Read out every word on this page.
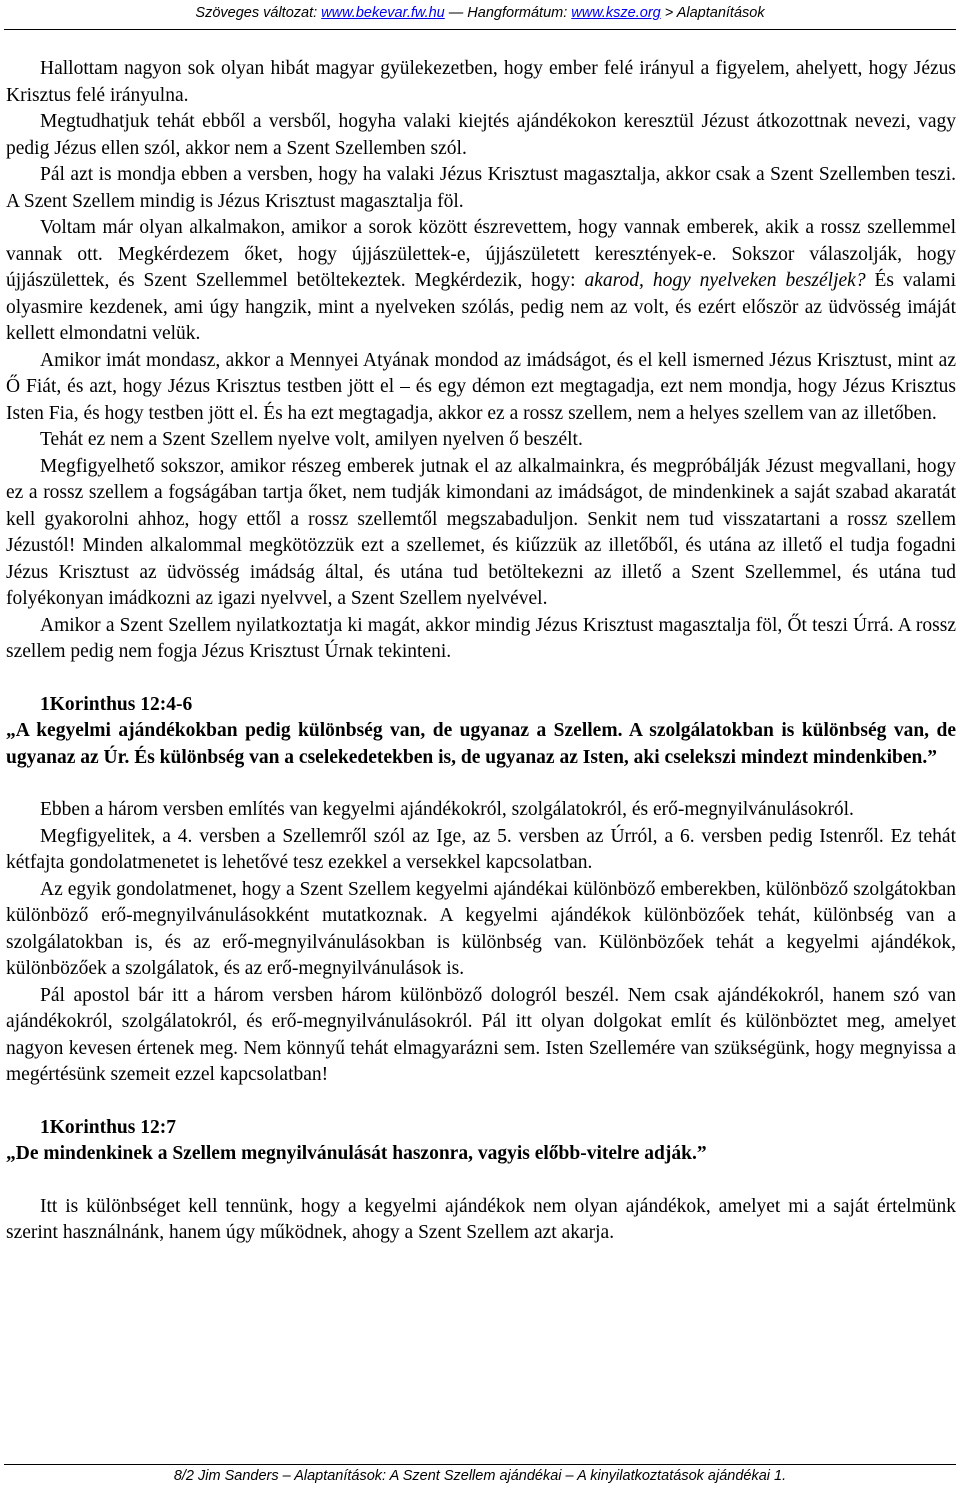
Szöveges változat: www.bekevar.fw.hu — Hangformátum: www.ksze.org > Alaptanítások

Hallottam nagyon sok olyan hibát magyar gyülekezetben, hogy ember felé irányul a figyelem, ahelyett, hogy Jézus Krisztus felé irányulna.

Megtudhatjuk tehát ebből a versből, hogyha valaki kiejtés ajándékokon keresztül Jézust átkozottnak nevezi, vagy pedig Jézus ellen szól, akkor nem a Szent Szellemben szól.

Pál azt is mondja ebben a versben, hogy ha valaki Jézus Krisztust magasztalja, akkor csak a Szent Szellemben teszi. A Szent Szellem mindig is Jézus Krisztust magasztalja föl.

Voltam már olyan alkalmakon, amikor a sorok között észrevettem, hogy vannak emberek, akik a rossz szellemmel vannak ott. Megkérdezem őket, hogy újjászülettek-e, újjászületett keresztények-e. Sokszor válaszolják, hogy újjászülettek, és Szent Szellemmel betöltekeztek. Megkérdezik, hogy: akarod, hogy nyelveken beszéljek? És valami olyasmire kezdenek, ami úgy hangzik, mint a nyelveken szólás, pedig nem az volt, és ezért először az üdvösség imáját kellett elmondatni velük.

Amikor imát mondasz, akkor a Mennyei Atyának mondod az imádságot, és el kell ismerned Jézus Krisztust, mint az Ő Fiát, és azt, hogy Jézus Krisztus testben jött el – és egy démon ezt megtagadja, ezt nem mondja, hogy Jézus Krisztus Isten Fia, és hogy testben jött el. És ha ezt megtagadja, akkor ez a rossz szellem, nem a helyes szellem van az illetőben.

Tehát ez nem a Szent Szellem nyelve volt, amilyen nyelven ő beszélt.

Megfigyelhető sokszor, amikor részeg emberek jutnak el az alkalmainkra, és megpróbálják Jézust megvallani, hogy ez a rossz szellem a fogságában tartja őket, nem tudják kimondani az imádságot, de mindenkinek a saját szabad akaratát kell gyakorolni ahhoz, hogy ettől a rossz szellemtől megszabaduljon. Senkit nem tud visszatartani a rossz szellem Jézustól! Minden alkalommal megkötözzük ezt a szellemet, és kiűzzük az illetőből, és utána az illető el tudja fogadni Jézus Krisztust az üdvösség imádság által, és utána tud betöltekezni az illető a Szent Szellemmel, és utána tud folyékonyan imádkozni az igazi nyelvvel, a Szent Szellem nyelvével.

Amikor a Szent Szellem nyilatkoztatja ki magát, akkor mindig Jézus Krisztust magasztalja föl, Őt teszi Úrrá. A rossz szellem pedig nem fogja Jézus Krisztust Úrnak tekinteni.

1Korinthus 12:4-6

„A kegyelmi ajándékokban pedig különbség van, de ugyanaz a Szellem. A szolgálatokban is különbség van, de ugyanaz az Úr. És különbség van a cselekedetekben is, de ugyanaz az Isten, aki cselekszi mindezt mindenkiben.”

Ebben a három versben említés van kegyelmi ajándékokról, szolgálatokról, és erő-megnyilvánulásokról.

Megfigyelitek, a 4. versben a Szellemről szól az Ige, az 5. versben az Úrról, a 6. versben pedig Istenről. Ez tehát kétfajta gondolatmenetet is lehetővé tesz ezekkel a versekkel kapcsolatban.

Az egyik gondolatmenet, hogy a Szent Szellem kegyelmi ajándékai különböző emberekben, különböző szolgátokban különböző erő-megnyilvánulásokként mutatkoznak. A kegyelmi ajándékok különbözőek tehát, különbség van a szolgálatokban is, és az erő-megnyilvánulásokban is különbség van. Különbözőek tehát a kegyelmi ajándékok, különbözőek a szolgálatok, és az erő-megnyilvánulások is.

Pál apostol bár itt a három versben három különböző dologról beszél. Nem csak ajándékokról, hanem szó van ajándékokról, szolgálatokról, és erő-megnyilvánulásokról. Pál itt olyan dolgokat említ és különböztet meg, amelyet nagyon kevesen értenek meg. Nem könnyű tehát elmagyarázni sem. Isten Szellemére van szükségünk, hogy megnyissa a megértésünk szemeit ezzel kapcsolatban!

1Korinthus 12:7

„De mindenkinek a Szellem megnyilvánulását haszonra, vagyis előbb-vitelre adják.”

Itt is különbséget kell tennünk, hogy a kegyelmi ajándékok nem olyan ajándékok, amelyet mi a saját értelmünk szerint használnánk, hanem úgy működnek, ahogy a Szent Szellem azt akarja.

8/2 Jim Sanders – Alaptanítások: A Szent Szellem ajándékai – A kinyilatkoztatások ajándékai 1.
